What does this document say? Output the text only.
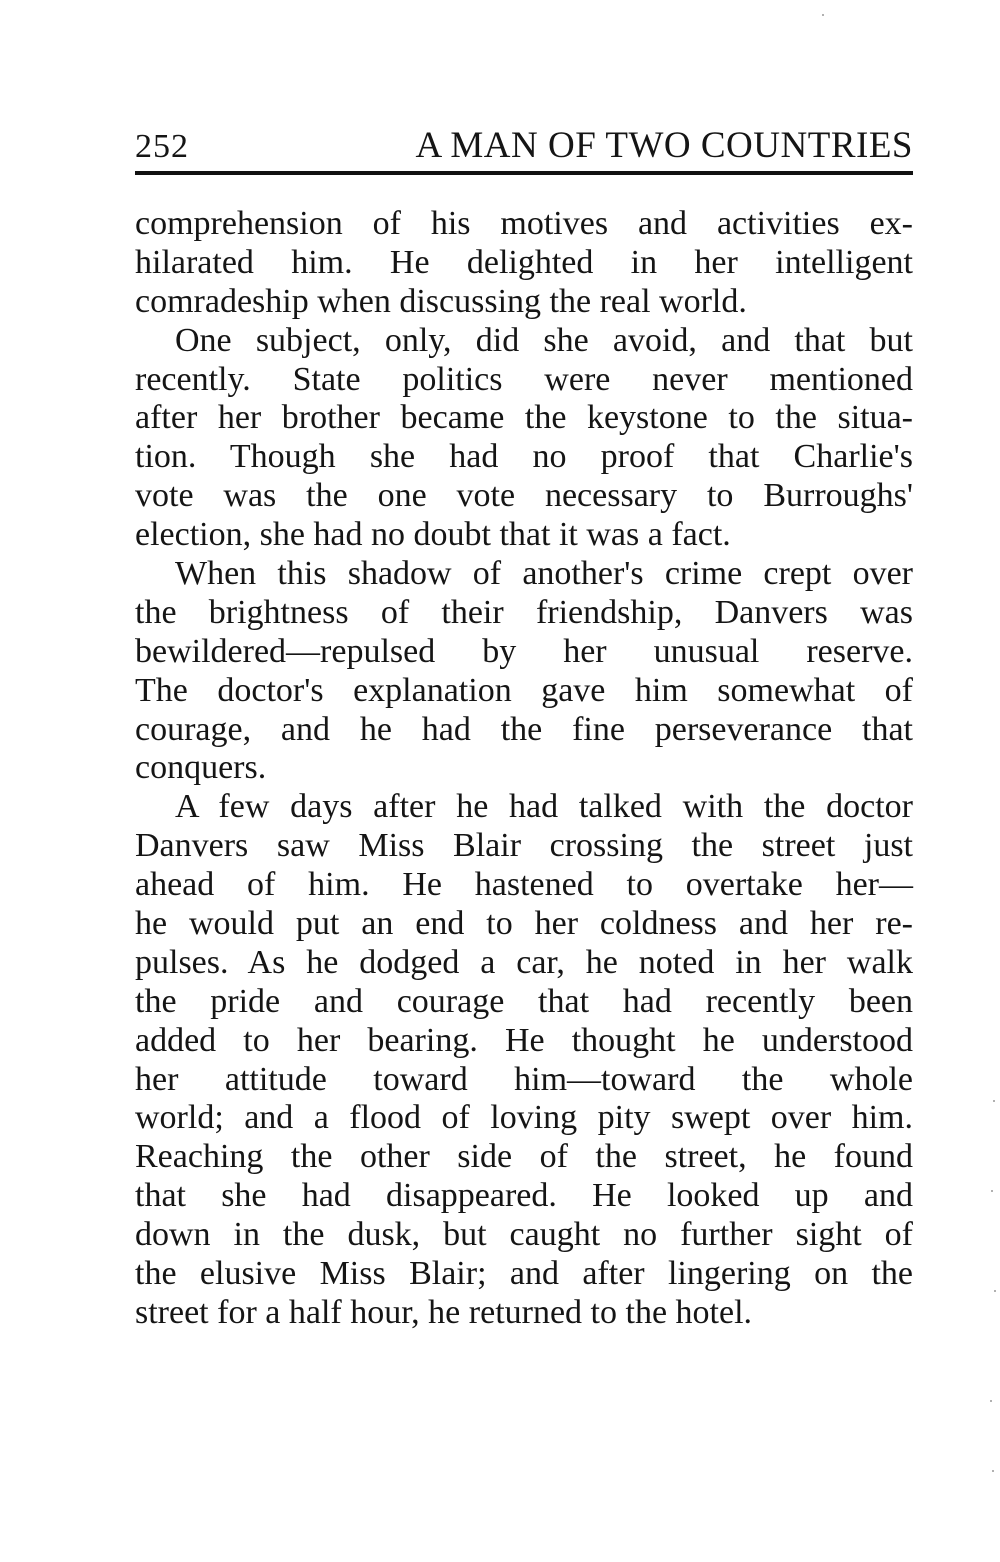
252	A MAN OF TWO COUNTRIES
comprehension of his motives and activities ex-
hilarated him. He delighted in her intelligent
comradeship when discussing the real world.
One subject, only, did she avoid, and that but
recently. State politics were never mentioned
after her brother became the keystone to the situa-
tion. Though she had no proof that Charlie's
vote was the one vote necessary to Burroughs'
election, she had no doubt that it was a fact.
When this shadow of another's crime crept over
the brightness of their friendship, Danvers was
bewildered—repulsed by her unusual reserve.
The doctor's explanation gave him somewhat of
courage, and he had the fine perseverance that
conquers.
A few days after he had talked with the doctor
Danvers saw Miss Blair crossing the street just
ahead of him. He hastened to overtake her—
he would put an end to her coldness and her re-
pulses. As he dodged a car, he noted in her walk
the pride and courage that had recently been
added to her bearing. He thought he understood
her attitude toward him—toward the whole
world; and a flood of loving pity swept over him.
Reaching the other side of the street, he found
that she had disappeared. He looked up and
down in the dusk, but caught no further sight of
the elusive Miss Blair; and after lingering on the
street for a half hour, he returned to the hotel.
